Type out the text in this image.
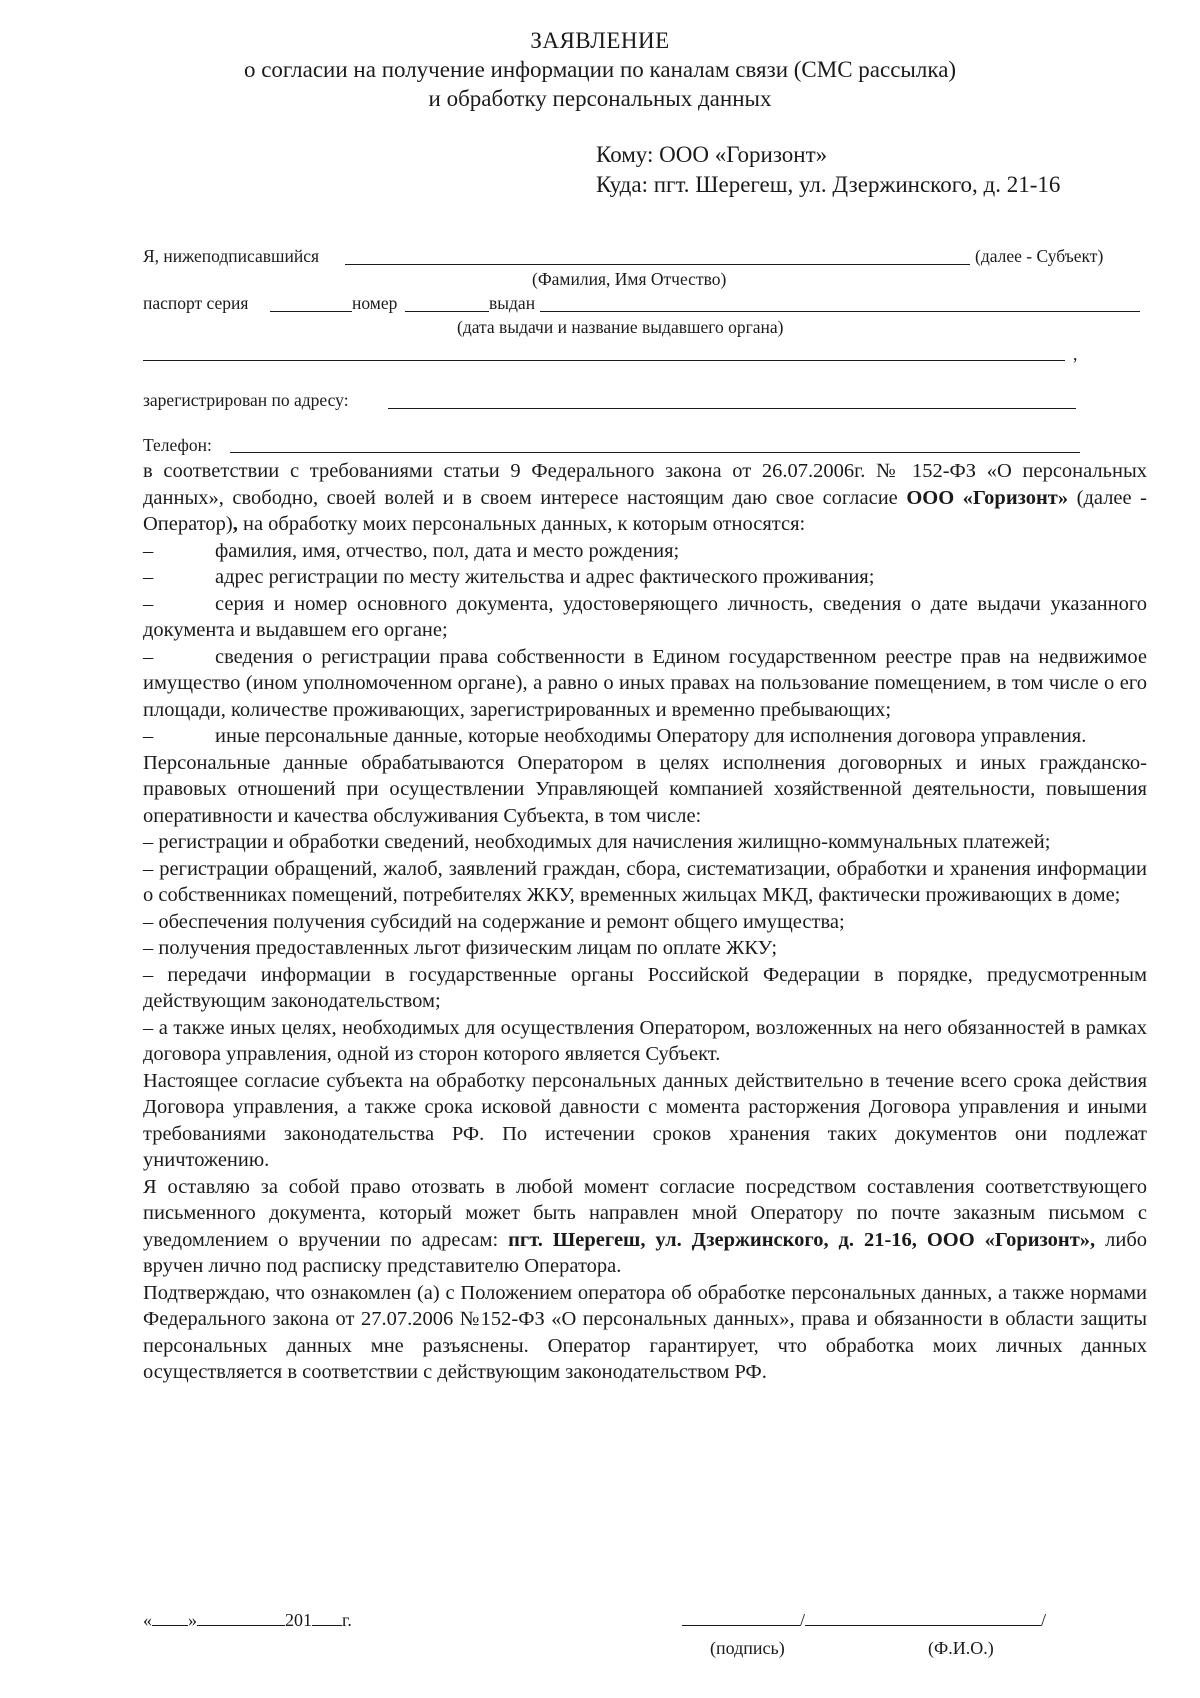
ЗАЯВЛЕНИЕ
о согласии на получение информации по каналам связи (СМС рассылка)
и обработку персональных данных
Кому: ООО «Горизонт»
Куда: пгт. Шерегеш, ул. Дзержинского, д. 21-16
Я, нижеподписавшийся	(далее - Субъект)
(Фамилия, Имя Отчество)
паспорт серия	номер	выдан
(дата выдачи и название выдавшего органа)
,
зарегистрирован по адресу:
Телефон:

в соответствии с требованиями статьи 9 Федерального закона от 26.07.2006г. № 152-ФЗ «О персональных данных», свободно, своей волей и в своем интересе настоящим даю свое согласие ООО «Горизонт» (далее - Оператор), на обработку моих персональных данных, к которым относятся:

–	фамилия, имя, отчество, пол, дата и место рождения;

–	адрес регистрации по месту жительства и адрес фактического проживания;

–	серия и номер основного документа, удостоверяющего личность, сведения о дате выдачи указанного документа и выдавшем его органе;

–	сведения о регистрации права собственности в Едином государственном реестре прав на недвижимое имущество (ином уполномоченном органе), а равно о иных правах на пользование помещением, в том числе о его площади, количестве проживающих, зарегистрированных и временно пребывающих;

–	иные персональные данные, которые необходимы Оператору для исполнения договора управления.

Персональные данные обрабатываются Оператором в целях исполнения договорных и иных гражданско-правовых отношений при осуществлении Управляющей компанией хозяйственной деятельности, повышения оперативности и качества обслуживания Субъекта, в том числе:

– регистрации и обработки сведений, необходимых для начисления жилищно-коммунальных платежей;

– регистрации обращений, жалоб, заявлений граждан, сбора, систематизации, обработки и хранения информации о собственниках помещений, потребителях ЖКУ, временных жильцах МКД, фактически проживающих в доме;

– обеспечения получения субсидий на содержание и ремонт общего имущества;

– получения предоставленных льгот физическим лицам по оплате ЖКУ;

– передачи информации в государственные органы Российской Федерации в порядке, предусмотренным действующим законодательством;

– а также иных целях, необходимых для осуществления Оператором, возложенных на него обязанностей в рамках договора управления, одной из сторон которого является Субъект.

Настоящее согласие субъекта на обработку персональных данных действительно в течение всего срока действия Договора управления, а также срока исковой давности с момента расторжения Договора управления и иными требованиями законодательства РФ. По истечении сроков хранения таких документов они подлежат уничтожению.

Я оставляю за собой право отозвать в любой момент согласие посредством составления соответствующего письменного документа, который может быть направлен мной Оператору по почте заказным письмом с уведомлением о вручении по адресам: пгт. Шерегеш, ул. Дзержинского, д. 21-16, ООО «Горизонт», либо вручен лично под расписку представителю Оператора.

Подтверждаю, что ознакомлен (а) с Положением оператора об обработке персональных данных, а также нормами Федерального закона от 27.07.2006 №152-ФЗ «О персональных данных», права и обязанности в области защиты персональных данных мне разъяснены. Оператор гарантирует, что обработка моих личных данных осуществляется в соответствии с действующим законодательством РФ.

« »	201 г.	/	/
(подпись)	(Ф.И.О.)
